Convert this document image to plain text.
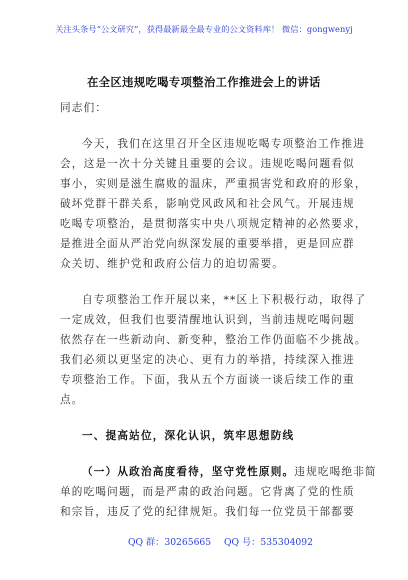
关注头条号“公文研究”，获得最新最全最专业的公文资料库！ 微信：gongwenyj
在全区违规吃喝专项整治工作推进会上的讲话
同志们：
今天，我们在这里召开全区违规吃喝专项整治工作推进
会，这是一次十分关键且重要的会议。违规吃喝问题看似
事小，实则是滋生腐败的温床，严重损害党和政府的形象，
破坏党群干群关系，影响党风政风和社会风气。开展违规
吃喝专项整治，是贯彻落实中央八项规定精神的必然要求，
是推进全面从严治党向纵深发展的重要举措，更是回应群
众关切、维护党和政府公信力的迫切需要。
自专项整治工作开展以来，**区上下积极行动，取得了
一定成效，但我们也要清醒地认识到，当前违规吃喝问题
依然存在一些新动向、新变种，整治工作仍面临不少挑战。
我们必须以更坚定的决心、更有力的举措，持续深入推进
专项整治工作。下面，我从五个方面谈一谈后续工作的重
点。
一、提高站位，深化认识，筑牢思想防线
（一）从政治高度看待，坚守党性原则。违规吃喝绝非简
单的吃喝问题，而是严肃的政治问题。它背离了党的性质
和宗旨，违反了党的纪律规矩。我们每一位党员干部都要
QQ 群：30265665 QQ 号：535304092
